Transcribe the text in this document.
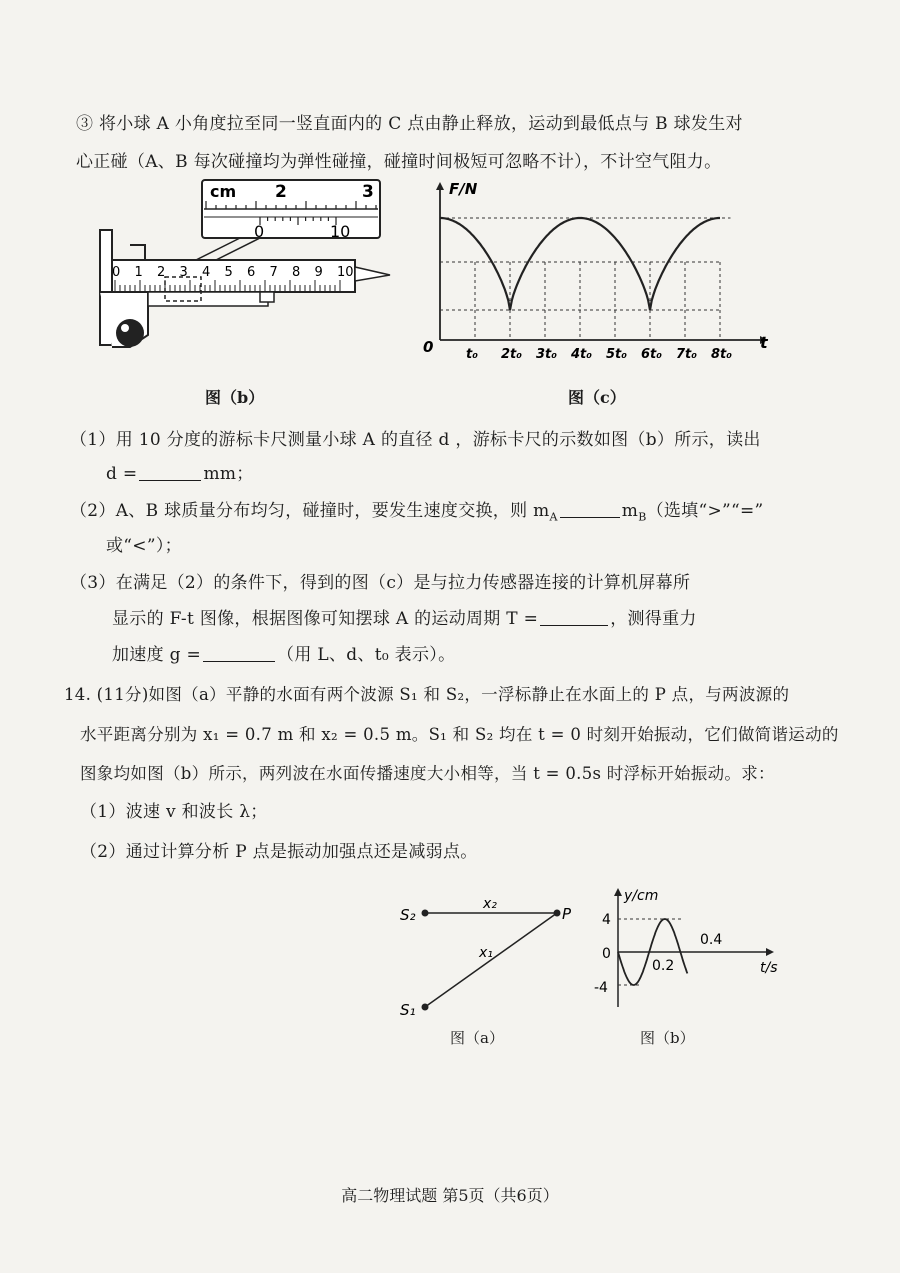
③ 将小球 A 小角度拉至同一竖直面内的 C 点由静止释放，运动到最低点与 B 球发生对
心正碰（A、B 每次碰撞均为弹性碰撞，碰撞时间极短可忽略不计），不计空气阻力。
cm 2	3
0	10
0 1 2 3 4 5 6 7 8 9 10
图（b）
F/N
t
0	t₀ 2t₀ 3t₀ 4t₀ 5t₀ 6t₀ 7t₀ 8t₀
图（c）
（1）用 10 分度的游标卡尺测量小球 A 的直径 d ，游标卡尺的示数如图（b）所示，读出
d =	mm；
（2）A、B 球质量分布均匀，碰撞时，要发生速度交换，则 $m_A$	$m_B$（选填“>”“=”
或“<”）；
（3）在满足（2）的条件下，得到的图（c）是与拉力传感器连接的计算机屏幕所
显示的 F-t 图像，根据图像可知摆球 A 的运动周期 T =	，测得重力
加速度 g =	（用 L、d、t₀ 表示）。
14. (11分)如图（a）平静的水面有两个波源 S₁ 和 S₂，一浮标静止在水面上的 P 点，与两波源的
水平距离分别为 x₁ = 0.7 m 和 x₂ = 0.5 m。S₁ 和 S₂ 均在 t = 0 时刻开始振动，它们做简谐运动的
图象均如图（b）所示，两列波在水面传播速度大小相等，当 t = 0.5s 时浮标开始振动。求：
（1）波速 v 和波长 λ；
（2）通过计算分析 P 点是振动加强点还是减弱点。
S₂
S₁
P
x₂
x₁
图（a）
y/cm
t/s
4
0
-4
0.2
0.4
图（b）
高二物理试题 第5页（共6页）
